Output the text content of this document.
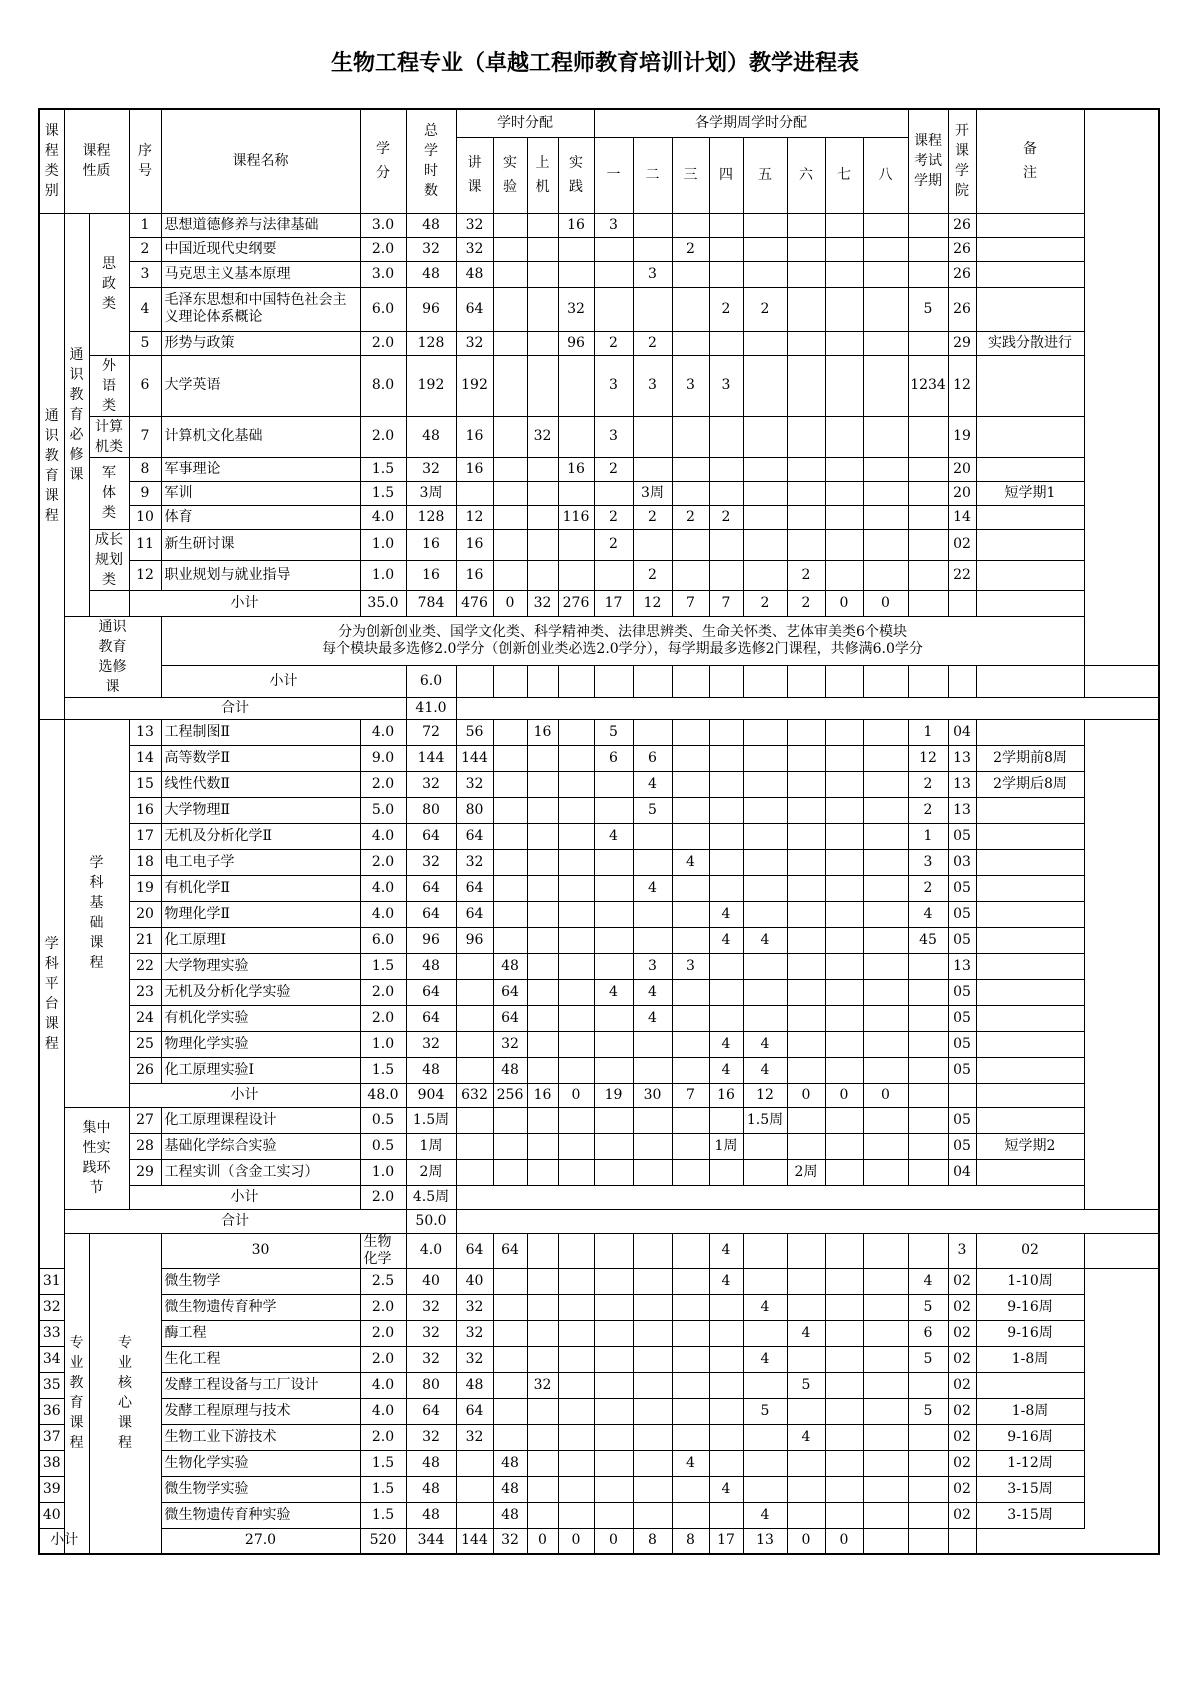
生物工程专业（卓越工程师教育培训计划）教学进程表
课程类别	课程性质		序号	课程名称	学分	总学时数	学时分配				各学期周学时分配								课程考试学期	开课学院	备注	
							讲课	实验	上机	实践	一	二	三	四	五	六	七	八				
通识教育课程	通识教育必修课	思政类	1	思想道德修养与法律基础	3.0	48	32			16	3									26		
			2	中国近现代史纲要	2.0	32	32						2							26		
			3	马克思主义基本原理	3.0	48	48					3								26		
			4	毛泽东思想和中国特色社会主义理论体系概论	6.0	96	64			32				2	2				5	26		
			5	形势与政策	2.0	128	32			96	2	2								29	实践分散进行	
		外语类	6	大学英语	8.0	192	192				3	3	3	3					1234	12		
		计算机类	7	计算机文化基础	2.0	48	16		32		3									19		
		军体类	8	军事理论	1.5	32	16			16	2									20		
			9	军训	1.5	3周						3周								20	短学期1	
			10	体育	4.0	128	12			116	2	2	2	2						14		
		成长规划类	11	新生研讨课	1.0	16	16				2									02		
			12	职业规划与就业指导	1.0	16	16					2				2				22		
			小计		35.0	784	476	0	32	276	17	12	7	7	2	2	0	0				
	通识教育选修课			分为创新创业类、国学文化类、科学精神类、法律思辨类、生命关怀类、艺体审美类6个模块
每个模块最多选修2.0学分（创新创业类必选2.0学分），每学期最多选修2门课程，共修满6.0学分																		

				小计		6.0																
	合计					41.0																
学科平台课程	学科基础课程		13	工程制图Ⅱ	4.0	72	56		16		5								1	04		
			14	高等数学Ⅱ	9.0	144	144				6	6							12	13	2学期前8周	
			15	线性代数Ⅱ	2.0	32	32					4							2	13	2学期后8周	
			16	大学物理Ⅱ	5.0	80	80					5							2	13		
			17	无机及分析化学Ⅱ	4.0	64	64				4								1	05		
			18	电工电子学	2.0	32	32						4						3	03		
			19	有机化学Ⅱ	4.0	64	64					4							2	05		
			20	物理化学Ⅱ	4.0	64	64							4					4	05		
			21	化工原理Ⅰ	6.0	96	96							4	4				45	05		
			22	大学物理实验	1.5	48		48				3	3							13		
			23	无机及分析化学实验	2.0	64		64			4	4								05		
			24	有机化学实验	2.0	64		64				4								05		
			25	物理化学实验	1.0	32		32						4	4					05		
			26	化工原理实验Ⅰ	1.5	48		48						4	4					05		
			小计		48.0	904	632	256	16	0	19	30	7	16	12	0	0	0				
	集中性实践环节		27	化工原理课程设计	0.5	1.5周									1.5周					05		
			28	基础化学综合实验	0.5	1周								1周						05	短学期2	
			29	工程实训（含金工实习）	1.0	2周										2周				04		
			小计		2.0	4.5周																
	合计					50.0																
	专业教育课程	专业核心课程		30	生物化学	4.0	64	64						4						3	02	
31				微生物学	2.5	40	40							4					4	02	1-10周	
32				微生物遗传育种学	2.0	32	32								4				5	02	9-16周	
33				酶工程	2.0	32	32									4			6	02	9-16周	
34				生化工程	2.0	32	32								4				5	02	1-8周	
35				发酵工程设备与工厂设计	4.0	80	48		32							5				02		
36				发酵工程原理与技术	4.0	64	64								5				5	02	1-8周	
37				生物工业下游技术	2.0	32	32									4				02	9-16周	
38				生物化学实验	1.5	48		48					4							02	1-12周	
39				微生物学实验	1.5	48		48						4						02	3-15周	
40				微生物遗传育种实验	1.5	48		48							4					02	3-15周	
小计				27.0	520	344	144	32	0	0	0	8	8	17	13	0	0					
